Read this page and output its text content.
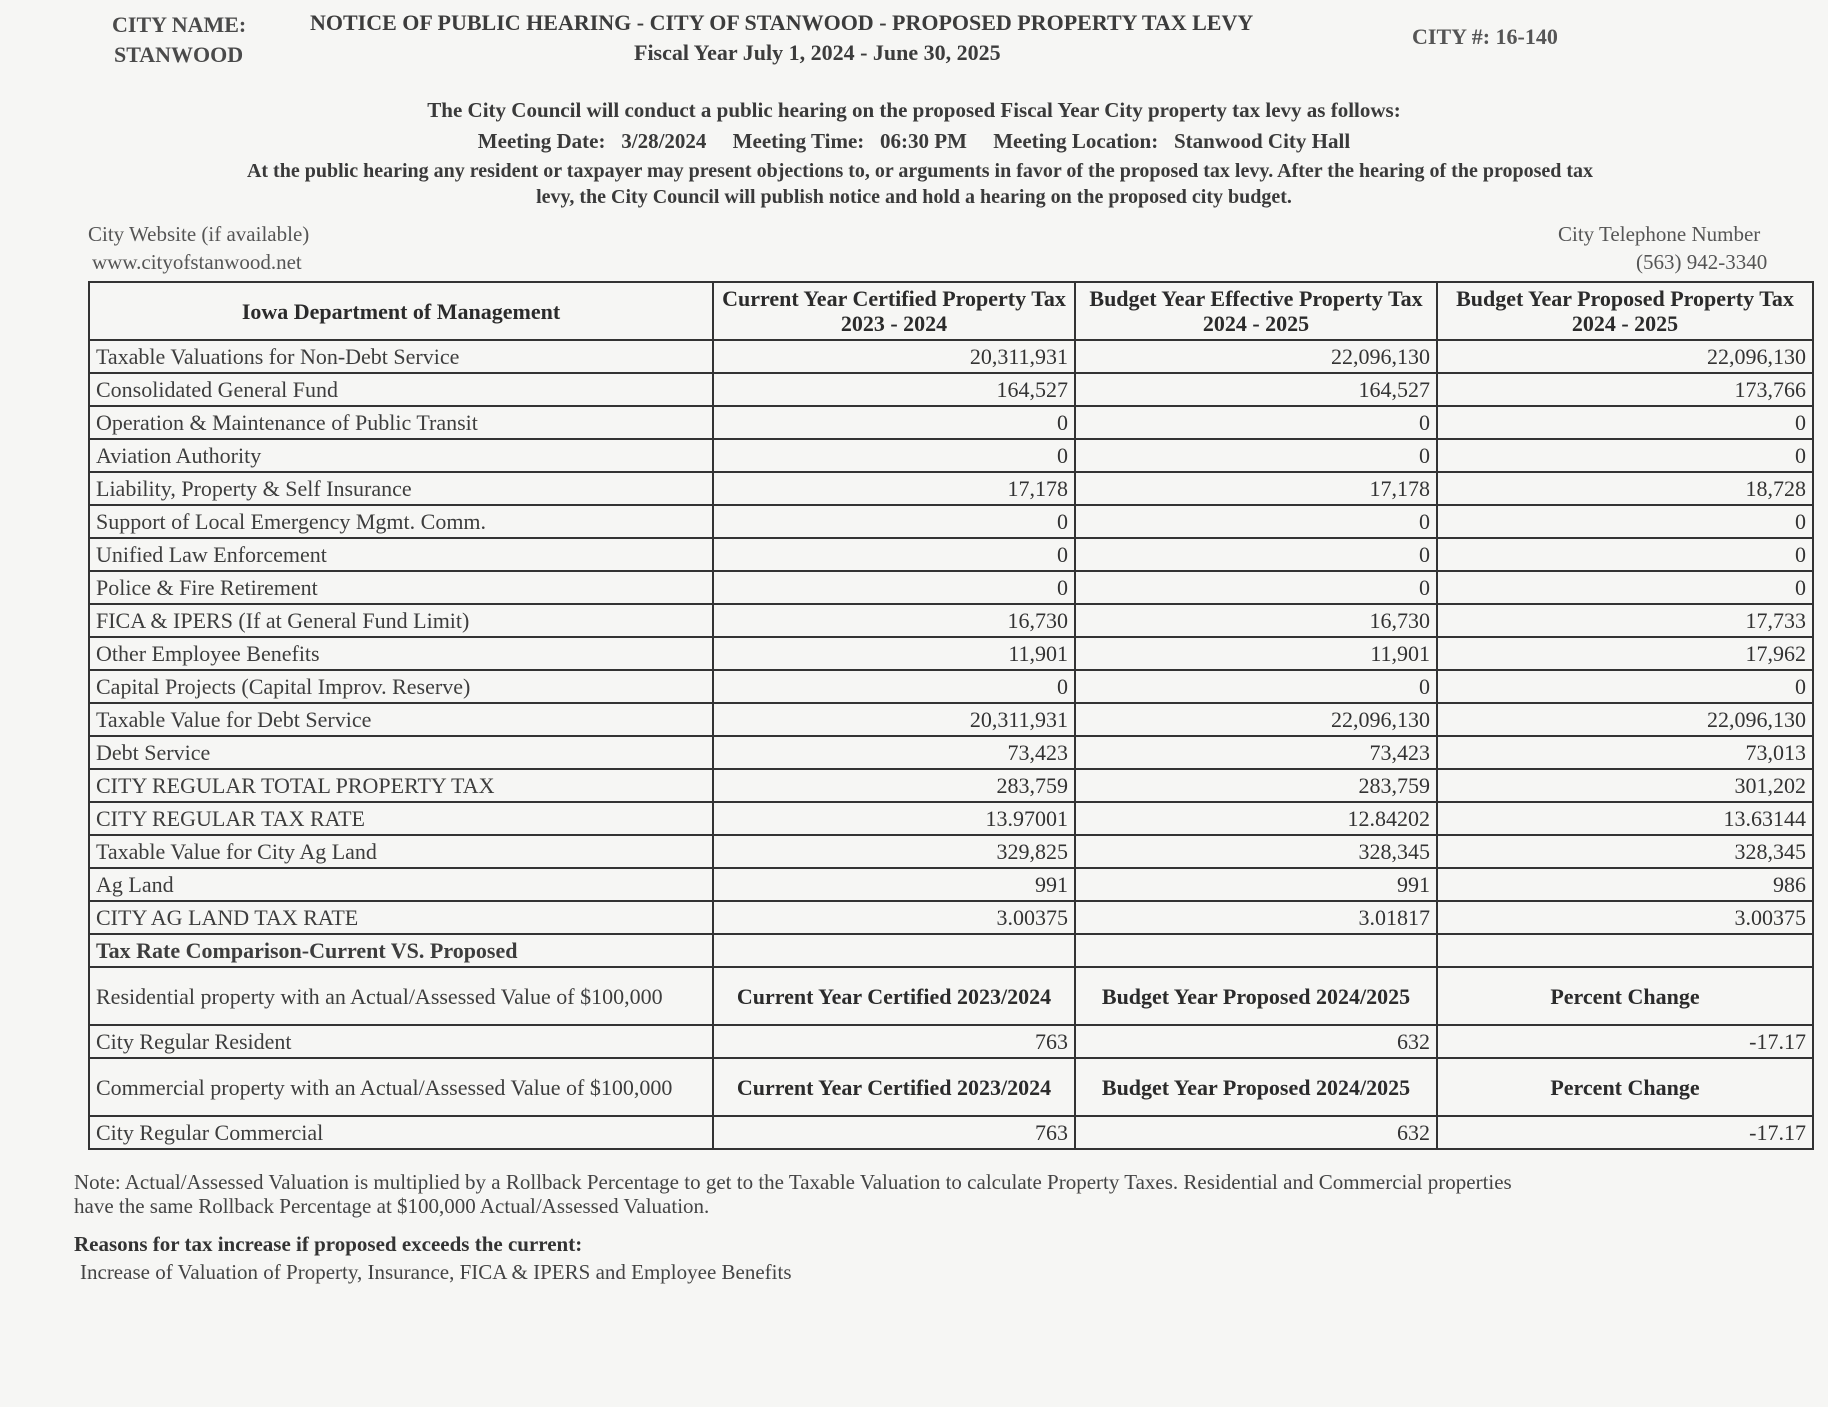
CITY NAME:
STANWOOD
NOTICE OF PUBLIC HEARING - CITY OF STANWOOD - PROPOSED PROPERTY TAX LEVY
Fiscal Year July 1, 2024 - June 30, 2025
CITY #: 16-140
The City Council will conduct a public hearing on the proposed Fiscal Year City property tax levy as follows:
Meeting Date: 3/28/2024 Meeting Time: 06:30 PM Meeting Location: Stanwood City Hall
At the public hearing any resident or taxpayer may present objections to, or arguments in favor of the proposed tax levy. After the hearing of the proposed tax
levy, the City Council will publish notice and hold a hearing on the proposed city budget.
City Website (if available)
www.cityofstanwood.net
City Telephone Number
(563) 942-3340
Iowa Department of Management	Current Year Certified Property Tax 2023 - 2024	Budget Year Effective Property Tax 2024 - 2025	Budget Year Proposed Property Tax 2024 - 2025
Taxable Valuations for Non-Debt Service	20,311,931	22,096,130	22,096,130
Consolidated General Fund	164,527	164,527	173,766
Operation & Maintenance of Public Transit	0	0	0
Aviation Authority	0	0	0
Liability, Property & Self Insurance	17,178	17,178	18,728
Support of Local Emergency Mgmt. Comm.	0	0	0
Unified Law Enforcement	0	0	0
Police & Fire Retirement	0	0	0
FICA & IPERS (If at General Fund Limit)	16,730	16,730	17,733
Other Employee Benefits	11,901	11,901	17,962
Capital Projects (Capital Improv. Reserve)	0	0	0
Taxable Value for Debt Service	20,311,931	22,096,130	22,096,130
Debt Service	73,423	73,423	73,013
CITY REGULAR TOTAL PROPERTY TAX	283,759	283,759	301,202
CITY REGULAR TAX RATE	13.97001	12.84202	13.63144
Taxable Value for City Ag Land	329,825	328,345	328,345
Ag Land	991	991	986
CITY AG LAND TAX RATE	3.00375	3.01817	3.00375
Tax Rate Comparison-Current VS. Proposed			
Residential property with an Actual/Assessed Value of $100,000	Current Year Certified 2023/2024	Budget Year Proposed 2024/2025	Percent Change
City Regular Resident	763	632	-17.17
Commercial property with an Actual/Assessed Value of $100,000	Current Year Certified 2023/2024	Budget Year Proposed 2024/2025	Percent Change
City Regular Commercial	763	632	-17.17
Note: Actual/Assessed Valuation is multiplied by a Rollback Percentage to get to the Taxable Valuation to calculate Property Taxes. Residential and Commercial properties
have the same Rollback Percentage at $100,000 Actual/Assessed Valuation.
Reasons for tax increase if proposed exceeds the current:
Increase of Valuation of Property, Insurance, FICA & IPERS and Employee Benefits
